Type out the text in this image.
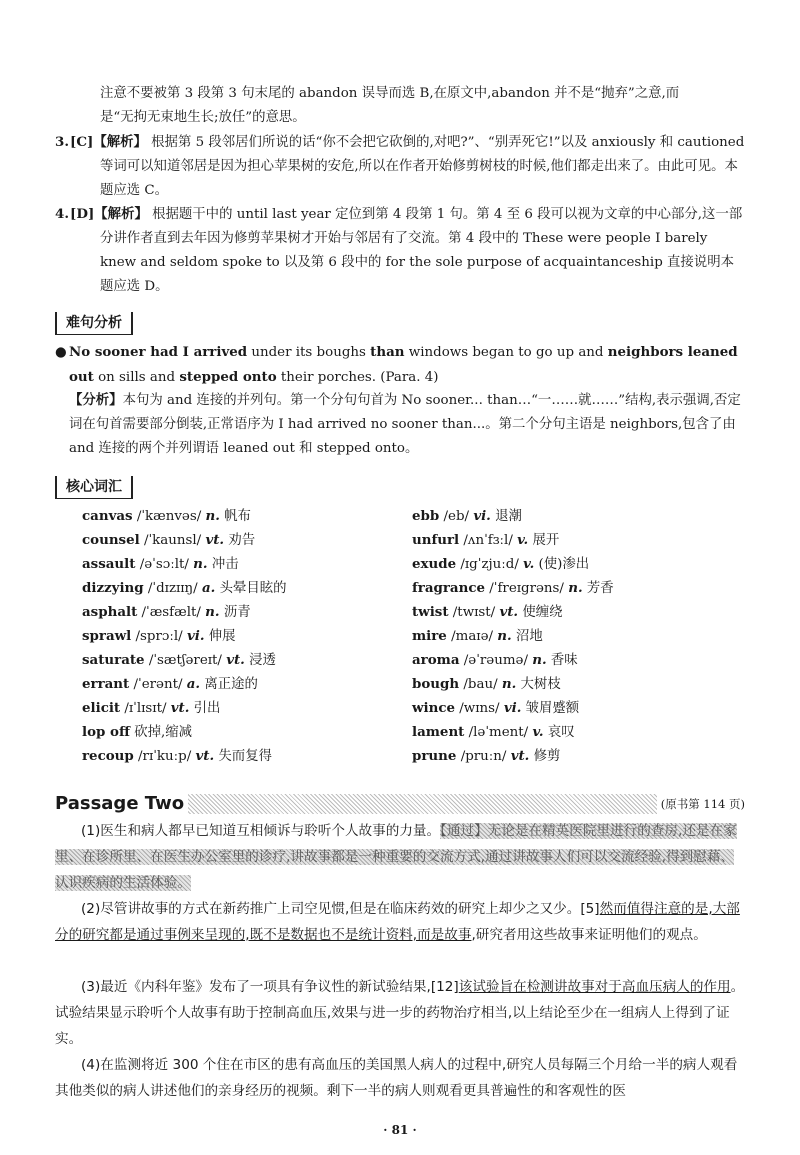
注意不要被第 3 段第 3 句末尾的 abandon 误导而选 B,在原文中,abandon 并不是“抛弃”之意,而
是“无拘无束地生长;放任”的意思。
3. [C]【解析】 根据第 5 段邻居们所说的话“你不会把它砍倒的,对吧?”、“别弄死它!”以及 anxiously 和 cautioned 等词可以知道邻居是因为担心苹果树的安危,所以在作者开始修剪树枝的时候,他们都走出来了。由此可见。本题应选 C。
4. [D]【解析】 根据题干中的 until last year 定位到第 4 段第 1 句。第 4 至 6 段可以视为文章的中心部分,这一部分讲作者直到去年因为修剪苹果树才开始与邻居有了交流。第 4 段中的 These were people I barely knew and seldom spoke to 以及第 6 段中的 for the sole purpose of acquaintanceship 直接说明本题应选 D。
难句分析
● No sooner had I arrived under its boughs than windows began to go up and neighbors leaned out on sills and stepped onto their porches. (Para. 4)
【分析】本句为 and 连接的并列句。第一个分句句首为 No sooner... than…“一……就……”结构,表示强调,否定词在句首需要部分倒装,正常语序为 I had arrived no sooner than...。第二个分句主语是 neighbors,包含了由 and 连接的两个并列谓语 leaned out 和 stepped onto。
核心词汇
canvas /ˈkænvəs/ n. 帆布
counsel /ˈkaunsl/ vt. 劝告
assault /əˈsɔːlt/ n. 冲击
dizzying /ˈdɪzɪɪŋ/ a. 头晕目眩的
asphalt /ˈæsfælt/ n. 沥青
sprawl /sprɔːl/ vi. 伸展
saturate /ˈsætʃəreɪt/ vt. 浸透
errant /ˈerənt/ a. 离正途的
elicit /ɪˈlɪsɪt/ vt. 引出
lop off 砍掉,缩减
recoup /rɪˈkuːp/ vt. 失而复得
ebb /eb/ vi. 退潮
unfurl /ʌnˈfɜːl/ v. 展开
exude /ɪgˈzjuːd/ v. (使)渗出
fragrance /ˈfreɪgrəns/ n. 芳香
twist /twɪst/ vt. 使缠绕
mire /maɪə/ n. 沼地
aroma /əˈrəumə/ n. 香味
bough /bau/ n. 大树枝
wince /wɪns/ vi. 皱眉蹙额
lament /ləˈment/ v. 哀叹
prune /pruːn/ vt. 修剪
Passage Two	(原书第 114 页)
(1)医生和病人都早已知道互相倾诉与聆听个人故事的力量。【通过】无论是在精英医院里进行的查房,还是在家里、在诊所里、在医生办公室里的诊疗,讲故事都是一种重要的交流方式,通过讲故事人们可以交流经验,得到慰藉、认识疾病的生活体验。
(2)尽管讲故事的方式在新药推广上司空见惯,但是在临床药效的研究上却少之又少。[5]然而值得注意的是,大部分的研究都是通过事例来呈现的,既不是数据也不是统计资料,而是故事,研究者用这些故事来证明他们的观点。
(3)最近《内科年鉴》发布了一项具有争议性的新试验结果,[12]该试验旨在检测讲故事对于高血压病人的作用。试验结果显示聆听个人故事有助于控制高血压,效果与进一步的药物治疗相当,以上结论至少在一组病人上得到了证实。
(4)在监测将近 300 个住在市区的患有高血压的美国黑人病人的过程中,研究人员每隔三个月给一半的病人观看其他类似的病人讲述他们的亲身经历的视频。剩下一半的病人则观看更具普遍性的和客观性的医
· 81 ·
